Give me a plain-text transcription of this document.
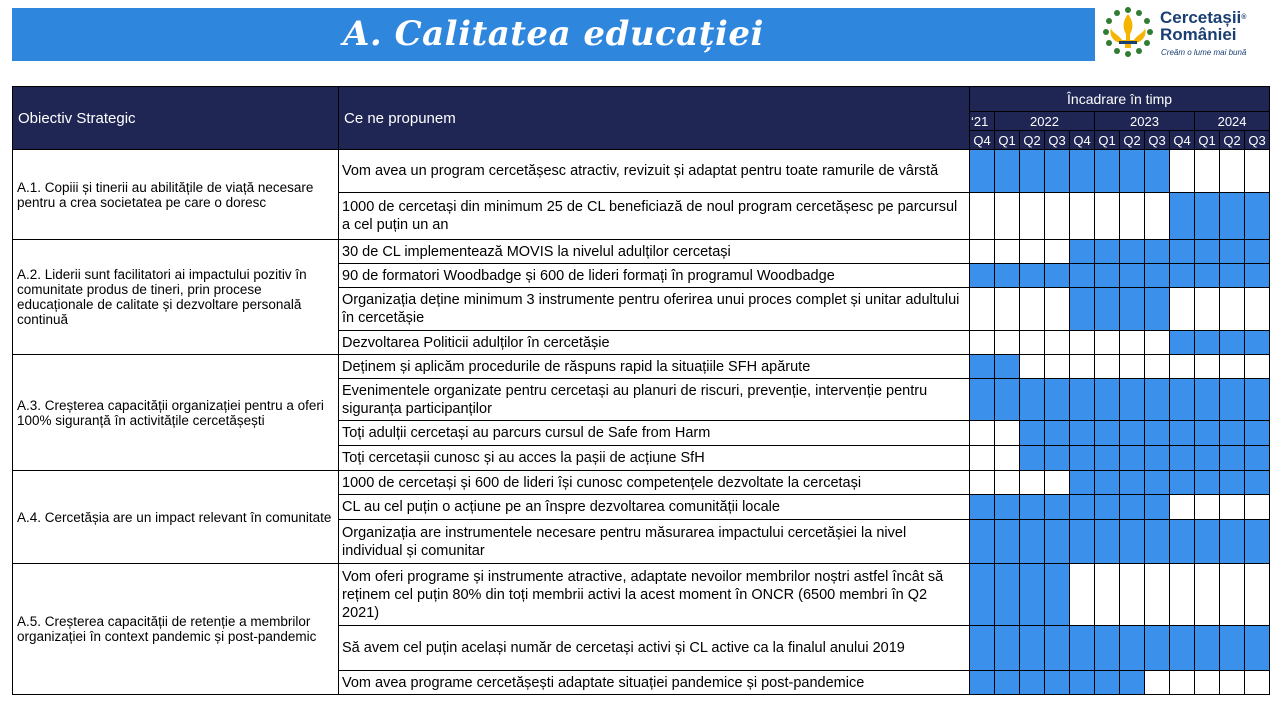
A. Calitatea educației	Cercetașii®
României
Creăm o lume mai bună
Obiectiv Strategic	Ce ne propunem	Încadrare în timp											
		‘21	2022				2023				2024		
		Q4	Q1	Q2	Q3	Q4	Q1	Q2	Q3	Q4	Q1	Q2	Q3
A.1. Copiii și tinerii au abilitățile de viață necesare pentru a crea societatea pe care o doresc	Vom avea un program cercetășesc atractiv, revizuit și adaptat pentru toate ramurile de vârstă												
	1000 de cercetași din minimum 25 de CL beneficiază de noul program cercetășesc pe parcursul a cel puțin un an												
A.2. Liderii sunt facilitatori ai impactului pozitiv în comunitate produs de tineri, prin procese educaționale de calitate și dezvoltare personală continuă	30 de CL implementează MOVIS la nivelul adulților cercetași												
	90 de formatori Woodbadge și 600 de lideri formați în programul Woodbadge												
	Organizația deține minimum 3 instrumente pentru oferirea unui proces complet și unitar adultului în cercetășie												
	Dezvoltarea Politicii adulților în cercetășie												
A.3. Creșterea capacității organizației pentru a oferi 100% siguranță în activitățile cercetășești	Deținem și aplicăm procedurile de răspuns rapid la situațiile SFH apărute												
	Evenimentele organizate pentru cercetași au planuri de riscuri, prevenție, intervenție pentru siguranța participanților												
	Toți adulții cercetași au parcurs cursul de Safe from Harm												
	Toți cercetașii cunosc și au acces la pașii de acțiune SfH												
A.4. Cercetășia are un impact relevant în comunitate	1000 de cercetași și 600 de lideri își cunosc competențele dezvoltate la cercetași												
	CL au cel puțin o acțiune pe an înspre dezvoltarea comunității locale												
	Organizația are instrumentele necesare pentru măsurarea impactului cercetășiei la nivel individual și comunitar												
A.5. Creșterea capacității de retenție a membrilor organizației în context pandemic și post-pandemic	Vom oferi programe și instrumente atractive, adaptate nevoilor membrilor noștri astfel încât să reținem cel puțin 80% din toți membrii activi la acest moment în ONCR (6500 membri în Q2 2021)												
	Să avem cel puțin același număr de cercetași activi și CL active ca la finalul anului 2019												
	Vom avea programe cercetășești adaptate situației pandemice și post-pandemice												
